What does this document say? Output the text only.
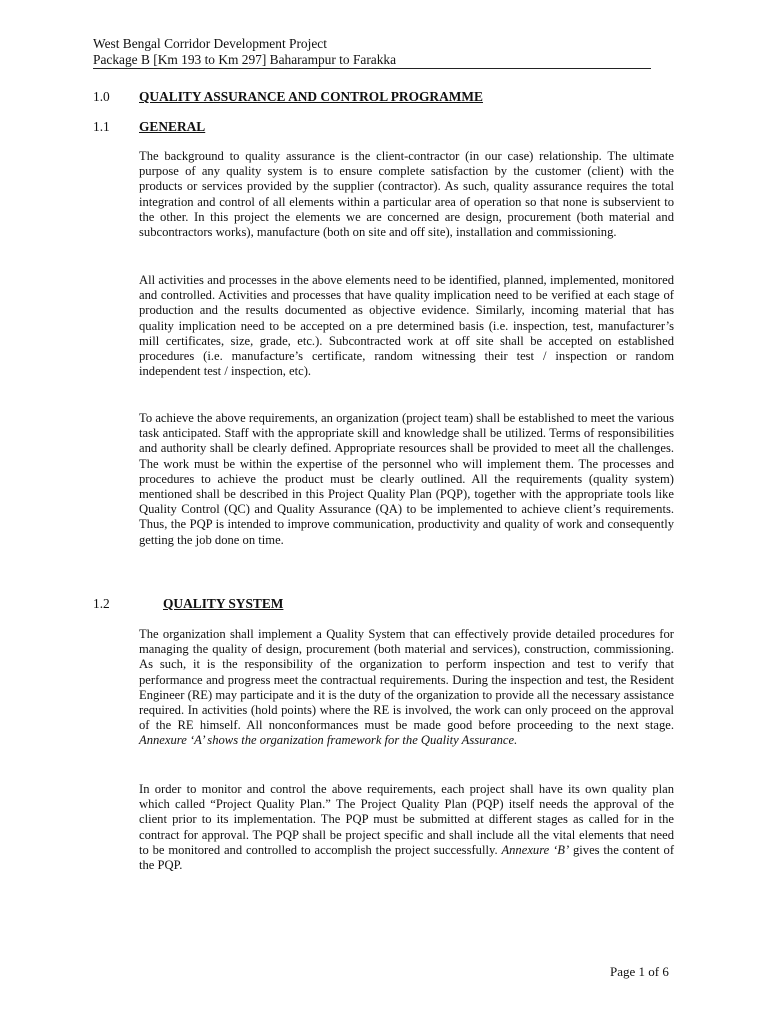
West Bengal Corridor Development Project
Package B [Km 193 to Km 297] Baharampur to Farakka
1.0 QUALITY ASSURANCE AND CONTROL PROGRAMME
1.1 GENERAL

The background to quality assurance is the client-contractor (in our case) relationship. The ultimate purpose of any quality system is to ensure complete satisfaction by the customer (client) with the products or services provided by the supplier (contractor). As such, quality assurance requires the total integration and control of all elements within a particular area of operation so that none is subservient to the other. In this project the elements we are concerned are design, procurement (both material and subcontractors works), manufacture (both on site and off site), installation and commissioning.

All activities and processes in the above elements need to be identified, planned, implemented, monitored and controlled. Activities and processes that have quality implication need to be verified at each stage of production and the results documented as objective evidence. Similarly, incoming material that has quality implication need to be accepted on a pre determined basis (i.e. inspection, test, manufacturer’s mill certificates, size, grade, etc.). Subcontracted work at off site shall be accepted on established procedures (i.e. manufacture’s certificate, random witnessing their test / inspection or random independent test / inspection, etc).

To achieve the above requirements, an organization (project team) shall be established to meet the various task anticipated. Staff with the appropriate skill and knowledge shall be utilized. Terms of responsibilities and authority shall be clearly defined. Appropriate resources shall be provided to meet all the challenges. The work must be within the expertise of the personnel who will implement them. The processes and procedures to achieve the product must be clearly outlined. All the requirements (quality system) mentioned shall be described in this Project Quality Plan (PQP), together with the appropriate tools like Quality Control (QC) and Quality Assurance (QA) to be implemented to achieve client’s requirements. Thus, the PQP is intended to improve communication, productivity and quality of work and consequently getting the job done on time.

1.2	QUALITY SYSTEM

The organization shall implement a Quality System that can effectively provide detailed procedures for managing the quality of design, procurement (both material and services), construction, commissioning. As such, it is the responsibility of the organization to perform inspection and test to verify that performance and progress meet the contractual requirements. During the inspection and test, the Resident Engineer (RE) may participate and it is the duty of the organization to provide all the necessary assistance required. In activities (hold points) where the RE is involved, the work can only proceed on the approval of the RE himself. All nonconformances must be made good before proceeding to the next stage. Annexure ‘A’ shows the organization framework for the Quality Assurance.

In order to monitor and control the above requirements, each project shall have its own quality plan which called “Project Quality Plan.” The Project Quality Plan (PQP) itself needs the approval of the client prior to its implementation. The PQP must be submitted at different stages as called for in the contract for approval. The PQP shall be project specific and shall include all the vital elements that need to be monitored and controlled to accomplish the project successfully. Annexure ‘B’ gives the content of the PQP.

Page 1 of 6
